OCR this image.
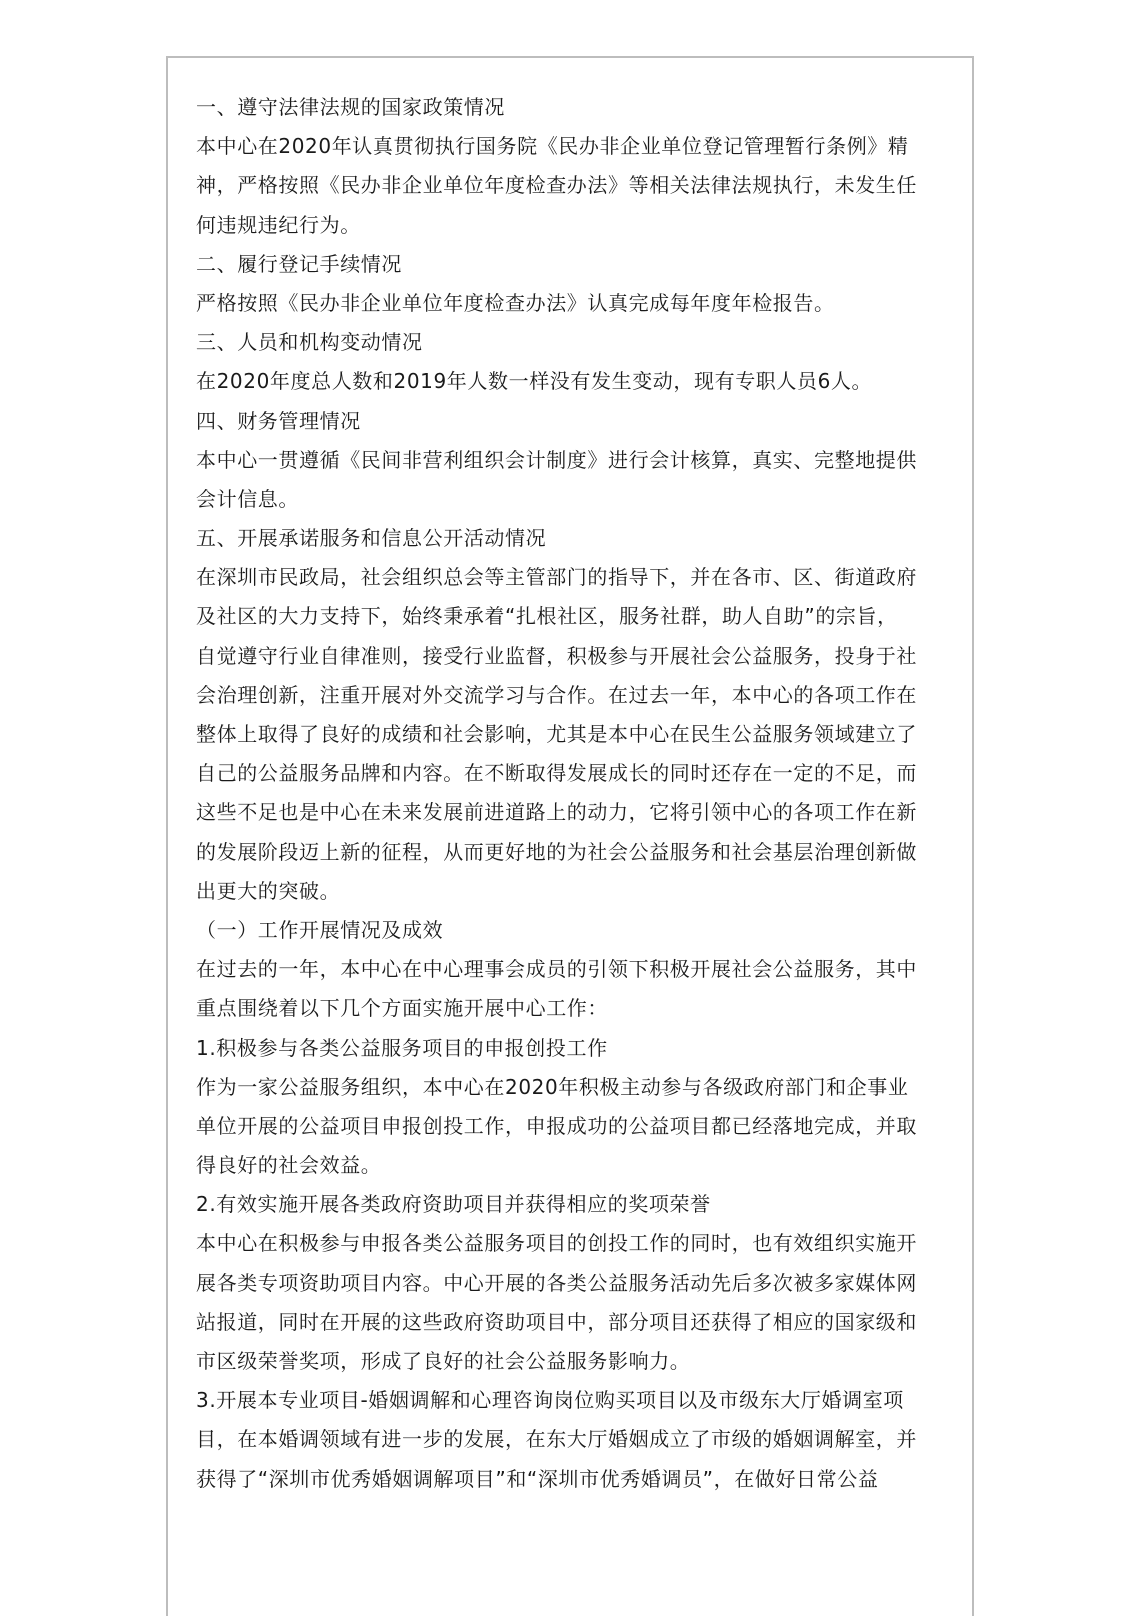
一、遵守法律法规的国家政策情况
本中心在2020年认真贯彻执行国务院《民办非企业单位登记管理暂行条例》精
神，严格按照《民办非企业单位年度检查办法》等相关法律法规执行，未发生任
何违规违纪行为。
二、履行登记手续情况
严格按照《民办非企业单位年度检查办法》认真完成每年度年检报告。
三、人员和机构变动情况
在2020年度总人数和2019年人数一样没有发生变动，现有专职人员6人。
四、财务管理情况
本中心一贯遵循《民间非营利组织会计制度》进行会计核算，真实、完整地提供
会计信息。
五、开展承诺服务和信息公开活动情况
在深圳市民政局，社会组织总会等主管部门的指导下，并在各市、区、街道政府
及社区的大力支持下，始终秉承着“扎根社区，服务社群，助人自助”的宗旨，
自觉遵守行业自律准则，接受行业监督，积极参与开展社会公益服务，投身于社
会治理创新，注重开展对外交流学习与合作。在过去一年，本中心的各项工作在
整体上取得了良好的成绩和社会影响，尤其是本中心在民生公益服务领域建立了
自己的公益服务品牌和内容。在不断取得发展成长的同时还存在一定的不足，而
这些不足也是中心在未来发展前进道路上的动力，它将引领中心的各项工作在新
的发展阶段迈上新的征程，从而更好地的为社会公益服务和社会基层治理创新做
出更大的突破。
（一）工作开展情况及成效
在过去的一年，本中心在中心理事会成员的引领下积极开展社会公益服务，其中
重点围绕着以下几个方面实施开展中心工作：
1.积极参与各类公益服务项目的申报创投工作
作为一家公益服务组织，本中心在2020年积极主动参与各级政府部门和企事业
单位开展的公益项目申报创投工作，申报成功的公益项目都已经落地完成，并取
得良好的社会效益。
2.有效实施开展各类政府资助项目并获得相应的奖项荣誉
本中心在积极参与申报各类公益服务项目的创投工作的同时，也有效组织实施开
展各类专项资助项目内容。中心开展的各类公益服务活动先后多次被多家媒体网
站报道，同时在开展的这些政府资助项目中，部分项目还获得了相应的国家级和
市区级荣誉奖项，形成了良好的社会公益服务影响力。
3.开展本专业项目-婚姻调解和心理咨询岗位购买项目以及市级东大厅婚调室项
目，在本婚调领域有进一步的发展，在东大厅婚姻成立了市级的婚姻调解室，并
获得了“深圳市优秀婚姻调解项目”和“深圳市优秀婚调员”，在做好日常公益
